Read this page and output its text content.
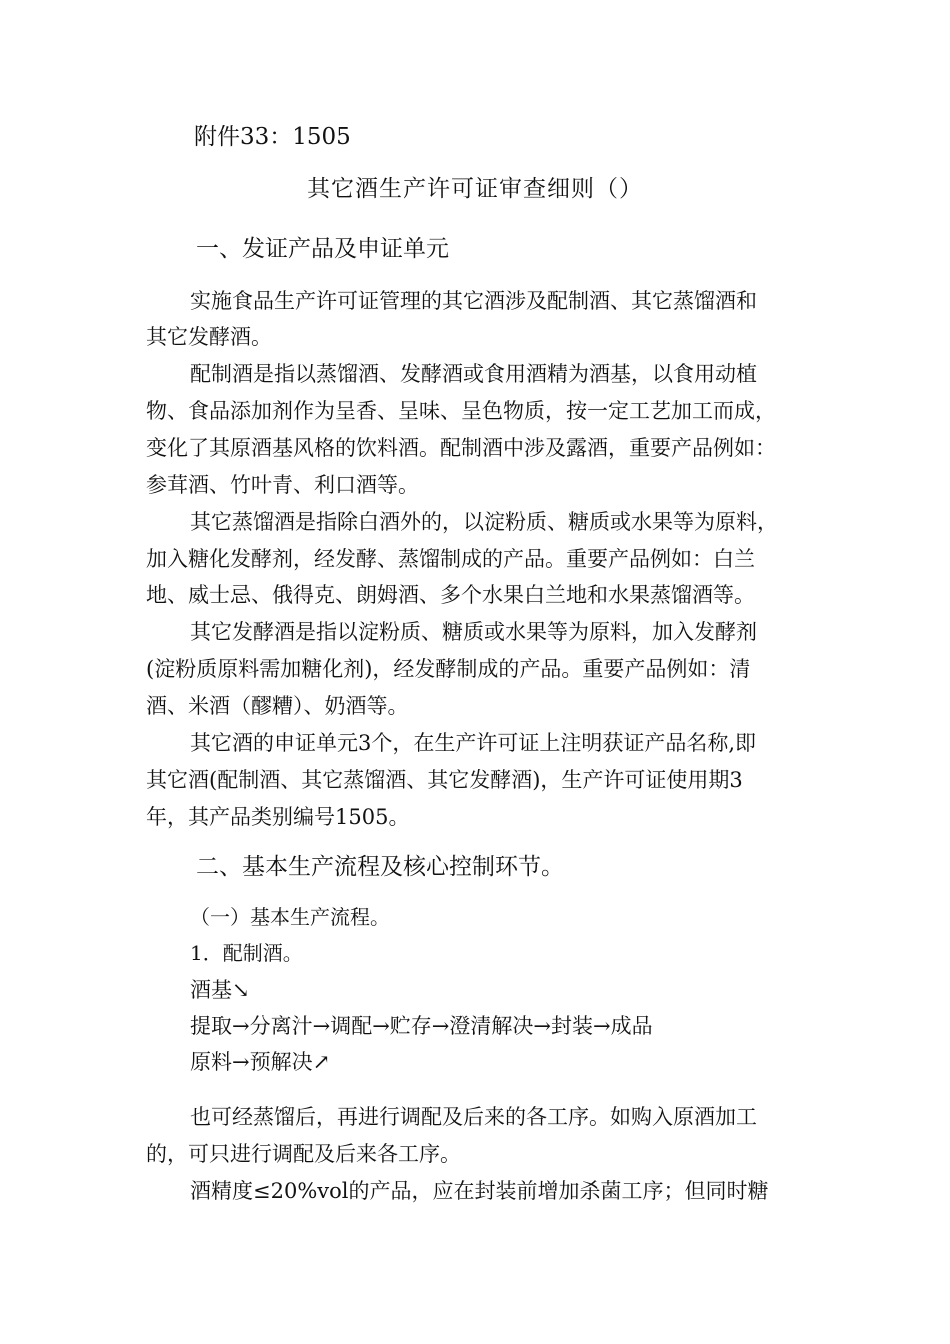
附件33：1505
其它酒生产许可证审查细则（）
一、发证产品及申证单元
实施食品生产许可证管理的其它酒涉及配制酒、其它蒸馏酒和
其它发酵酒。
配制酒是指以蒸馏酒、发酵酒或食用酒精为酒基，以食用动植
物、食品添加剂作为呈香、呈味、呈色物质，按一定工艺加工而成，
变化了其原酒基风格的饮料酒。配制酒中涉及露酒，重要产品例如：
参茸酒、竹叶青、利口酒等。
其它蒸馏酒是指除白酒外的，以淀粉质、糖质或水果等为原料，
加入糖化发酵剂，经发酵、蒸馏制成的产品。重要产品例如：白兰
地、威士忌、俄得克、朗姆酒、多个水果白兰地和水果蒸馏酒等。
其它发酵酒是指以淀粉质、糖质或水果等为原料，加入发酵剂
(淀粉质原料需加糖化剂)，经发酵制成的产品。重要产品例如：清
酒、米酒（醪糟）、奶酒等。
其它酒的申证单元3个，在生产许可证上注明获证产品名称,即
其它酒(配制酒、其它蒸馏酒、其它发酵酒)，生产许可证使用期3
年，其产品类别编号1505。
二、基本生产流程及核心控制环节。
（一）基本生产流程。
1．配制酒。
酒基↘
提取→分离汁→调配→贮存→澄清解决→封装→成品
原料→预解决↗
也可经蒸馏后，再进行调配及后来的各工序。如购入原酒加工
的，可只进行调配及后来各工序。
酒精度≤20%vol的产品，应在封装前增加杀菌工序；但同时糖
